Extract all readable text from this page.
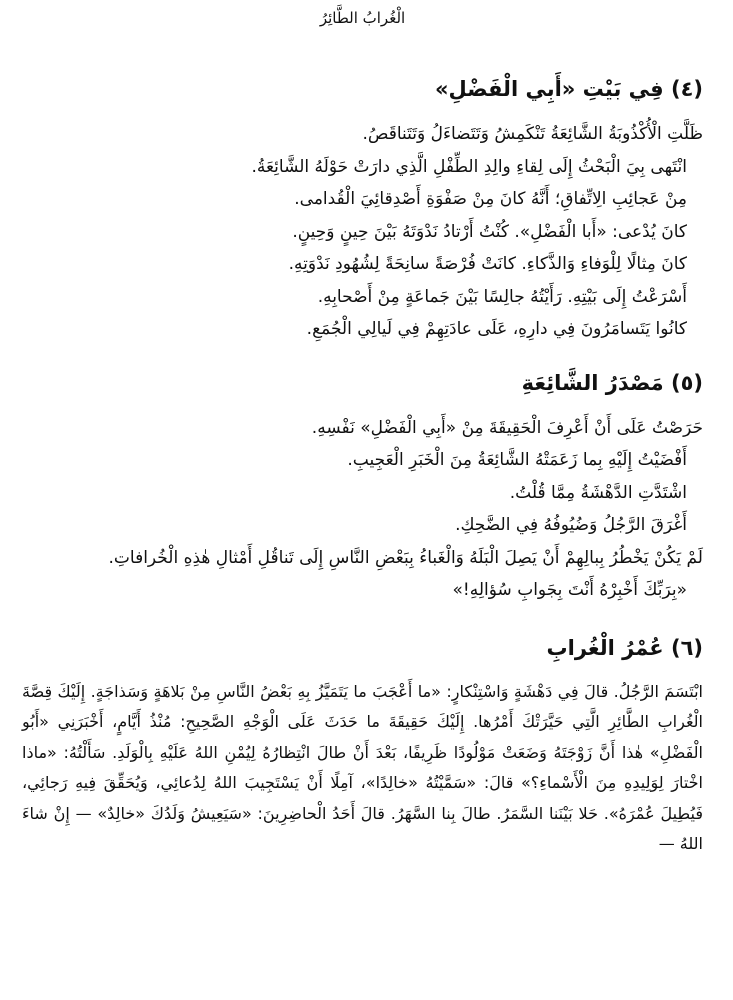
الْغُرابُ الطَّائِرُ
(٤) فِي بَيْتِ «أَبِي الْفَضْلِ»

ظَلَّتِ الْأُكْذُوبَةُ الشَّائِعَةُ تَنْكَمِشُ وَتَتَضاءَلُ وَتَتَناقَصُ.

انْتَهى بِيَ الْبَحْثُ إِلَى لِقاءِ والِدِ الطِّفْلِ الَّذِي دارَتْ حَوْلَهُ الشَّائِعَةُ.

مِنْ عَجائِبِ الِاتِّفاقِ؛ أَنَّهُ كانَ مِنْ صَفْوَةِ أَصْدِقائِيَ الْقُدامى.

كانَ يُدْعى: «أَبا الْفَضْلِ». كُنْتُ أَرْتادُ نَدْوَتَهُ بَيْنَ حِينٍ وَحِينٍ.

كانَ مِثالًا لِلْوَفاءِ وَالذَّكاءِ. كانَتْ فُرْصَةً سانِحَةً لِشُهُودِ نَدْوَتِهِ.

أَسْرَعْتُ إِلَى بَيْتِهِ. رَأَيْتُهُ جالِسًا بَيْنَ جَماعَةٍ مِنْ أَصْحابِهِ.

كانُوا يَتَسامَرُونَ فِي دارِهِ، عَلَى عادَتِهِمْ فِي لَيالِي الْجُمَعِ.

(٥) مَصْدَرُ الشَّائِعَةِ

حَرَصْتُ عَلَى أَنْ أَعْرِفَ الْحَقِيقَةَ مِنْ «أَبِي الْفَضْلِ» نَفْسِهِ.

أَفْضَيْتُ إِلَيْهِ بِما زَعَمَتْهُ الشَّائِعَةُ مِنَ الْخَبَرِ الْعَجِيبِ.

اشْتَدَّتِ الدَّهْشَةُ مِمَّا قُلْتُ.

أَغْرَقَ الرَّجُلُ وَضُيُوفُهُ فِي الضَّحِكِ.

لَمْ يَكُنْ يَخْطُرُ بِبالِهِمْ أَنْ يَصِلَ الْبَلَهُ وَالْغَباءُ بِبَعْضِ النَّاسِ إِلَى تَناقُلِ أَمْثالِ هٰذِهِ الْخُرافاتِ.

«بِرَبِّكَ أَخْبِرْهُ أَنْتَ بِجَوابِ سُؤالِهِ!»

(٦) عُمْرُ الْغُرابِ

ابْتَسَمَ الرَّجُلُ. قالَ فِي دَهْشَةٍ وَاسْتِنْكارٍ: «ما أَعْجَبَ ما يَتَمَيَّزُ بِهِ بَعْضُ النَّاسِ مِنْ بَلاهَةٍ وَسَذاجَةٍ. إِلَيْكَ قِصَّةَ الْغُرابِ الطَّائِرِ الَّتِي حَيَّرَتْكَ أَمْرُها. إِلَيْكَ حَقِيقَةَ ما حَدَثَ عَلَى الْوَجْهِ الصَّحِيحِ: مُنْذُ أَيَّامٍ، أَخْبَرَنِي «أَبُو الْفَضْلِ» هٰذا أَنَّ زَوْجَتَهُ وَضَعَتْ مَوْلُودًا ظَرِيفًا، بَعْدَ أَنْ طالَ انْتِظارُهُ لِيُمْنِ اللهُ عَلَيْهِ بِالْوَلَدِ. سَأَلْتُهُ: «ماذا اخْتارَ لِوَلِيدِهِ مِنَ الْأَسْماءِ؟» قالَ: «سَمَّيْتُهُ «خالِدًا»، آمِلًا أَنْ يَسْتَجِيبَ اللهُ لِدُعائِي، وَيُحَقِّقَ فِيهِ رَجائِي، فَيُطِيلَ عُمْرَهُ». حَلا بَيْنَنا السَّمَرُ. طالَ بِنا السَّهَرُ. قالَ أَحَدُ الْحاضِرِينَ: «سَيَعِيشُ وَلَدُكَ «خالِدٌ» — إِنْ شاءَ اللهُ —
